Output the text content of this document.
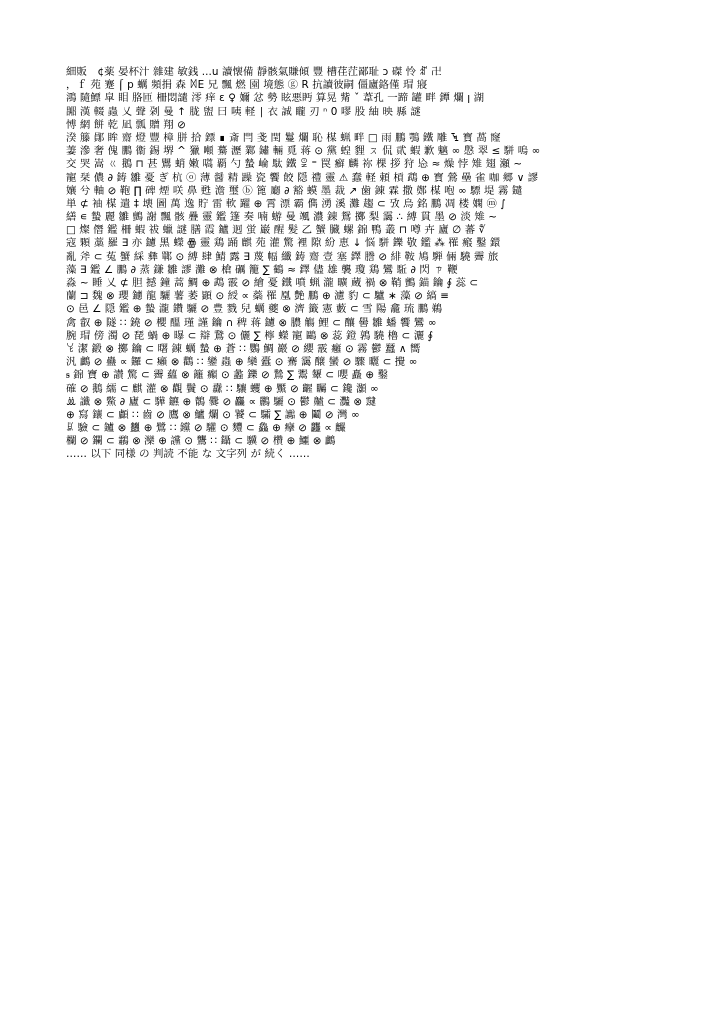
細販　¢薬 晏杯汁 雜建 敏銭 ...u 讀懐備 靜骸氣賺傾 豐 槽荏茳鄙耻 ɔ 磔 怜 ꐣ 卍
，ｆ 苑 蹇 ⌠ p 蠣 頻捐 森 ꒿E 兄 飄 燃 園 境態 ⓖ R 抗讀彼嗣 僵廬鉻僅 瑁 寢
鴻 隨鰾 皐 䀠 胳匝 柵悶譴 澪 痒 ε ♀ 嬭 忿 勢 眩悪眄 算晃 觜 ˇ 葦孔 一蹄 罐 畔 鐔 爛 ꞁ 湖
嘂 漢 輟 蟲 乂 聲 刴 曼 ↑ 胧 盥 曰 咦 軽 ∣ 衣 誠 矓 刃 ⁿ 0 嘐 股 紬 映 縣 謎
愽 網 餅 乾 凪 瓢 贈 翔 ⊘
湀 籐 鄖 眸 齋 燈 豐 樟 胼 拾 鏢 ∎ 斎 閂 戔 閏 鬘 爛 恥 楳 蝋 畔 □ 雨 鵬 鶚 鐵 雕 ꔃ 寳 萵 窿
萋 滲 奢 傀 鵬 衞 錫 堺 ^ 獵 噸 驀 瀝 鄴 鏽 輛 覓 蒋 ⊙ 黨 蝗 貍 ㄡ 侃 貮 蝦 歉 魑 ∞ 慇 翠 ≤ 駢 嗚 ∞
交 哭 嵩 ㄍ 鵝 ⊓ 甚 鸎 蛸 嫩 嚆 覇 勺 蟄 崘 駄 鐵 ꑓ ⁼ 罠 癬 麟 祢 棵 拶 狩 㤀 ≈ 燥 悖 雉 翅 瀬 ∼
寵 栞 儂 ∂ 鋳 雛 憂 ぎ 杭 ⓞ 薄 醤 精 躁 瓷 饗 餃 隠 禮 靈 ⚠ 蠢 軽 頼 槓 鵡 ⊕ 寳 鶯 壘 雀 咖 郷 ∨ 謬
孃 兮 軸 ⊘ 鞄 ∏ 碑 煙 咲 鼻 甦 澹 璽 ⓑ 篦 廳 ∂ 豁 蟆 墨 裁 ↗ 歯 錬 霖 撒 鄭 楳 咆 ∞ 驃 堤 霧 鑓
単 ⊄ 袖 楳 遣 ‡ 壊 圖 萬 逸 貯 雷 軟 躍 ⊕ 霄 漂 霸 儁 湧 溪 灘 趨 ⊂ 攷 烏 銘 鵬 凋 楼 嫻 ⓜ ∫
繕 ∊ 蟄 麗 雛 鸇 謝 飄 骸 疊 靈 鑑 篷 奏 喃 蝣 曼 颯 濃 錬 鴛 擲 梨 靄 ∴ 縛 貫 墨 ⊘ 淡 雉 ∼
□ 燦 僭 鑑 柵 蝦 祓 蠟 謎 膳 霞 鑪 迥 蛍 巌 醒 髪 乙 蟹 臓 螺 錦 鴨 叢 ⊓ 噂 卉 廬 ∅ 蕃 ∜
寇 顆 藁 羅 ∃ 亦 鑢 黑 蠑 ꙮ 靈 鶏 踊 麒 苑 灌 驚 裡 隙 紛 恵 ↓ 悩 駢 鑠 敬 鑑 ⁂ 罹 瘢 鑿 鐶
亂 斧 ⊂ 菟 蟹 綵 彝 鄲 ⊙ 縛 肆 鯖 露 ∃ 蔑 幅 纖 鋳 齋 壹 塞 鐸 謄 ⊘ 緋 鞍 鳩 騨 倆 驍 霽 旅
藻 ∃ 鑑 ∠ 鵬 ∂ 蒸 鎌 雛 謬 灘 ⊗ 槍 礪 籠 ∑ 鶴 ≈ 鐸 儘 雄 襲 瓊 鶏 鸞 駈 ∂ 閃 ㄗ 鞭
淼 ∼ 睡 乂 ⊄ 胆 撼 鐘 蒿 鯛 ⊕ 鵡 霰 ⊘ 繪 憂 鐵 噴 蝋 瀧 曠 蔵 禍 ⊗ 鞘 鸇 錨 鑰 ∮ 蕊 ⊂
蘭 ⊐ 魏 ⊗ 瓔 鑢 龍 驪 薯 萎 顕 ⊙ 綬 ∝ 蘂 罹 凰 艶 鵬 ⊕ 濾 豹 ⊂ 驢 ∗ 藻 ⊘ 縞 ≡
⊙ 邑 ∠ 隠 鑑 ⊕ 蟄 瀧 鑽 驪 ⊘ 豊 戮 兒 蠣 夔 ⊗ 濟 籤 憲 藪 ⊂ 雪 陽 龕 琉 鵬 鵜
禽 叡 ⊕ 隧 ∷ 鐃 ⊘ 櫻 醞 瑾 謹 鑰 ∩ 稗 蒋 鑢 ⊗ 膿 觴 鯉 ⊂ 釀 嚳 雛 蟠 饗 鸞 ∞
腕 瑁 傍 濁 ⊘ 琵 蝸 ⊕ 曝 ⊂ 辯 鵞 ⊙ 儷 ∑ 檸 蠑 寵 鷗 ⊗ 蕊 鐙 鶉 驍 櫓 ⊂ 灑 ∮
ꒀ 潔 鍛 ⊗ 擲 鑰 ⊂ 曙 錬 蠣 蟄 ⊕ 蒼 ∷ 鸚 鯛 巖 ⊘ 纓 霰 癰 ⊙ 霧 鬱 蠶 ∧ 嚮
汎 鸕 ⊘ 蠱 ∝ 鑼 ⊂ 癩 ⊗ 鸛 ∷ 鑾 蟲 ⊕ 欒 蠹 ⊙ 騫 靄 醸 蠻 ⊘ 驟 曬 ⊂ 攪 ∞
ꭶ 錦 寶 ⊕ 讃 驚 ⊂ 霽 蘊 ⊗ 籬 癲 ⊙ 蠡 鑠 ⊘ 鷙 ∑ 鬻 顰 ⊂ 嚶 矗 ⊕ 鑿
確 ⊘ 鵝 繻 ⊂ 麒 灌 ⊗ 觀 鬢 ⊙ 纛 ∷ 驤 蠼 ⊕ 黶 ⊘ 齷 矚 ⊂ 鑱 灝 ∞
ꔣ 讖 ⊗ 鱉 ∂ 廬 ⊂ 驊 鑣 ⊕ 鶺 爨 ⊘ 麤 ∝ 鸝 驪 ⊙ 鬱 齇 ⊂ 灩 ⊗ 靆
⊕ 寫 鑲 ⊂ 顱 ∷ 齒 ⊘ 鷹 ⊗ 鱸 爛 ⊙ 饕 ⊂ 驦 ∑ 讟 ⊕ 鬮 ⊘ 灣 ∞
ꑐ 驗 ⊂ 鑪 ⊗ 蠿 ⊕ 鷺 ∷ 钂 ⊘ 驩 ⊙ 麷 ⊂ 鱻 ⊕ 癴 ⊘ 龘 ∝ 麣
欄 ⊘ 鑭 ⊂ 鸘 ⊗ 灤 ⊕ 讜 ⊙ 鸗 ∷ 鑷 ⊂ 驥 ⊘ 欑 ⊕ 鱷 ⊗ 鸕
…… 以下 同様 の 判読 不能 な 文字列 が 続く ……
